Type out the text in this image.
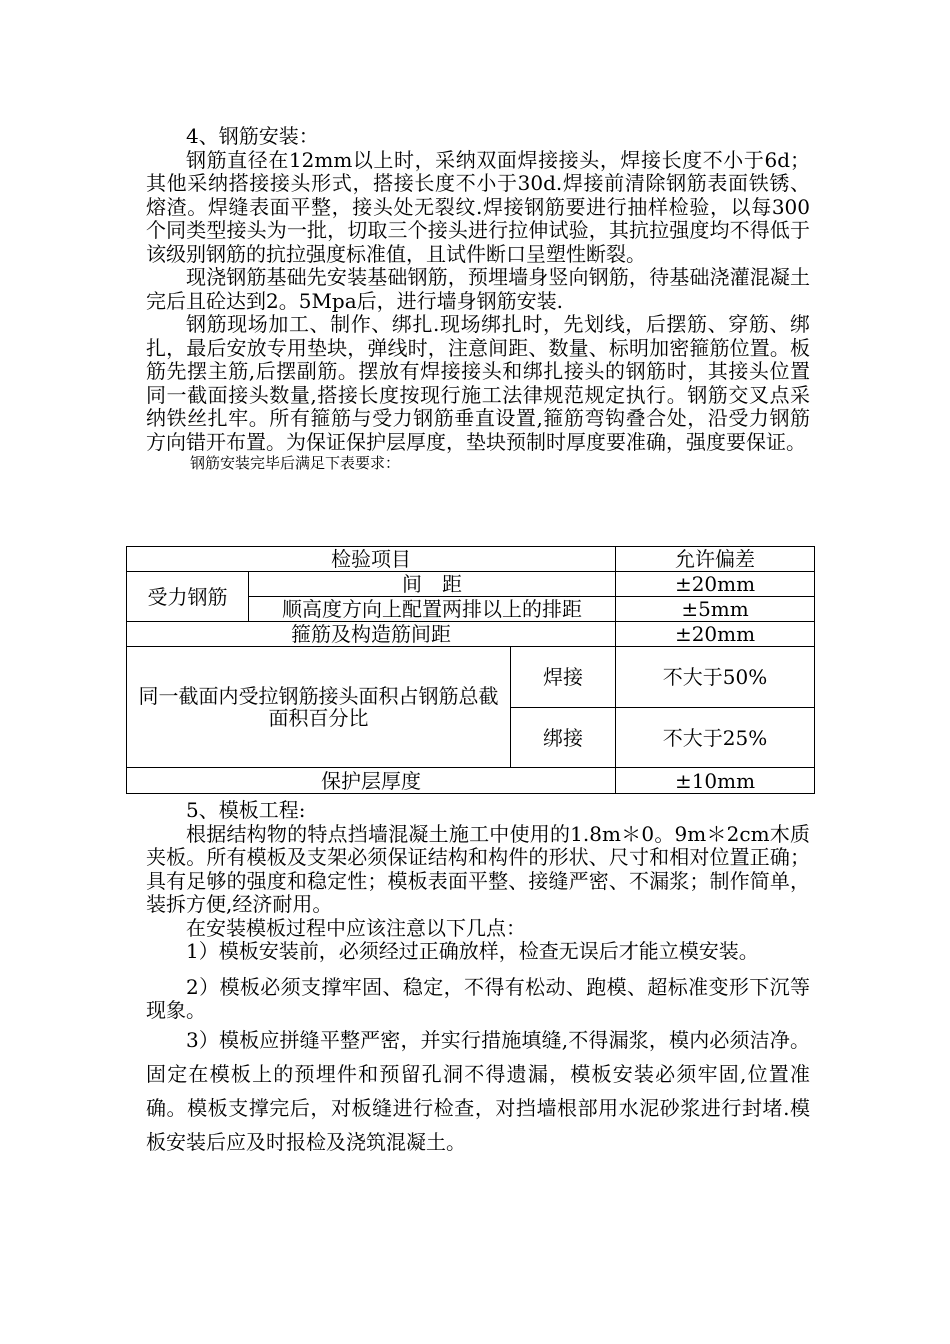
4、钢筋安装：

钢筋直径在12mm以上时，采纳双面焊接接头，焊接长度不小于6d；其他采纳搭接接头形式，搭接长度不小于30d.焊接前清除钢筋表面铁锈、熔渣。焊缝表面平整，接头处无裂纹.焊接钢筋要进行抽样检验，以每300个同类型接头为一批，切取三个接头进行拉伸试验，其抗拉强度均不得低于该级别钢筋的抗拉强度标准值，且试件断口呈塑性断裂。

现浇钢筋基础先安装基础钢筋，预埋墙身竖向钢筋，待基础浇灌混凝土完后且砼达到2。5Mpa后，进行墙身钢筋安装.

钢筋现场加工、制作、绑扎.现场绑扎时，先划线，后摆筋、穿筋、绑扎，最后安放专用垫块，弹线时，注意间距、数量、标明加密箍筋位置。板筋先摆主筋,后摆副筋。摆放有焊接接头和绑扎接头的钢筋时，其接头位置同一截面接头数量,搭接长度按现行施工法律规范规定执行。钢筋交叉点采纳铁丝扎牢。所有箍筋与受力钢筋垂直设置,箍筋弯钩叠合处，沿受力钢筋方向错开布置。为保证保护层厚度，垫块预制时厚度要准确，强度要保证。

钢筋安装完毕后满足下表要求：

检验项目			允许偏差
受力钢筋	间　距		±20mm
	顺高度方向上配置两排以上的排距		±5mm
箍筋及构造筋间距			±20mm
同一截面内受拉钢筋接头面积占钢筋总截面积百分比		焊接	不大于50%
		绑接	不大于25%
保护层厚度			±10mm

5、模板工程:

根据结构物的特点挡墙混凝土施工中使用的1.8m＊0。9m＊2cm木质夹板。所有模板及支架必须保证结构和构件的形状、尺寸和相对位置正确；具有足够的强度和稳定性；模板表面平整、接缝严密、不漏浆；制作简单，装拆方便,经济耐用。

在安装模板过程中应该注意以下几点：

1）模板安装前，必须经过正确放样，检查无误后才能立模安装。

2）模板必须支撑牢固、稳定，不得有松动、跑模、超标准变形下沉等现象。

3）模板应拼缝平整严密，并实行措施填缝,不得漏浆，模内必须洁净。固定在模板上的预埋件和预留孔洞不得遗漏，模板安装必须牢固,位置准确。模板支撑完后，对板缝进行检查，对挡墙根部用水泥砂浆进行封堵.模板安装后应及时报检及浇筑混凝土。
